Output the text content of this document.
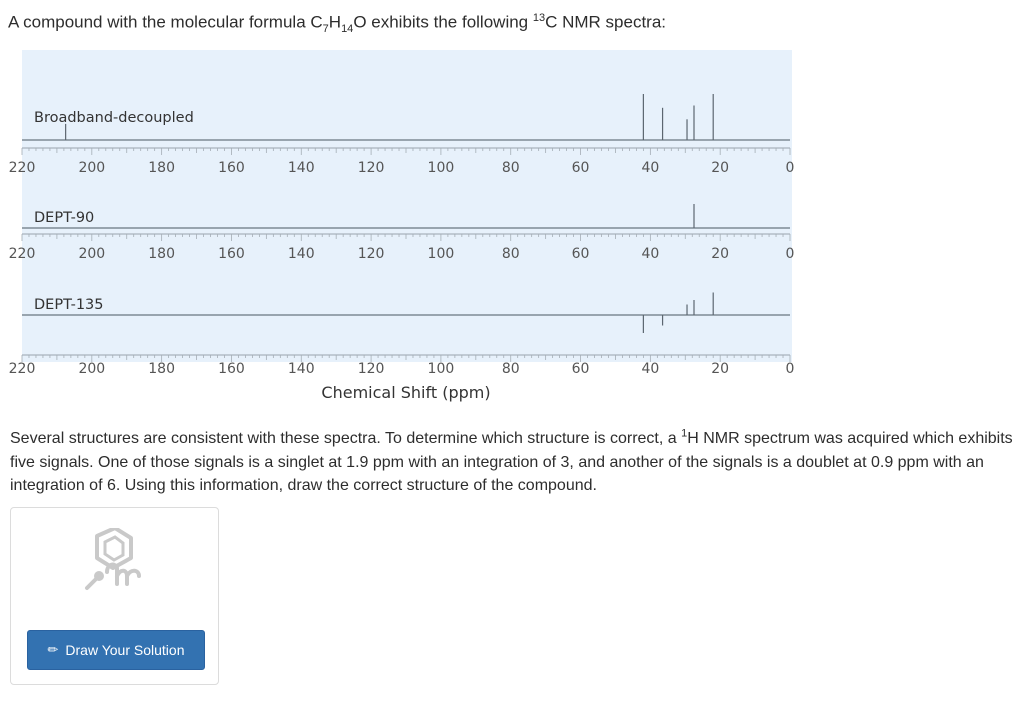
A compound with the molecular formula $C_7H_{14}O$ exhibits the following $^{13}$C NMR spectra:
220	200	180	160	140	120	100	80	60	40	20	0
Broadband-decoupled
220	200	180	160	140	120	100	80	60	40	20	0
DEPT-90
220	200	180	160	140	120	100	80	60	40	20	0
DEPT-135
Chemical Shift (ppm)
Several structures are consistent with these spectra. To determine which structure is correct, a $^1$H NMR spectrum was acquired which exhibits five signals. One of those signals is a singlet at 1.9 ppm with an integration of 3, and another of the signals is a doublet at 0.9 ppm with an integration of 6. Using this information, draw the correct structure of the compound.
✏ Draw Your Solution
